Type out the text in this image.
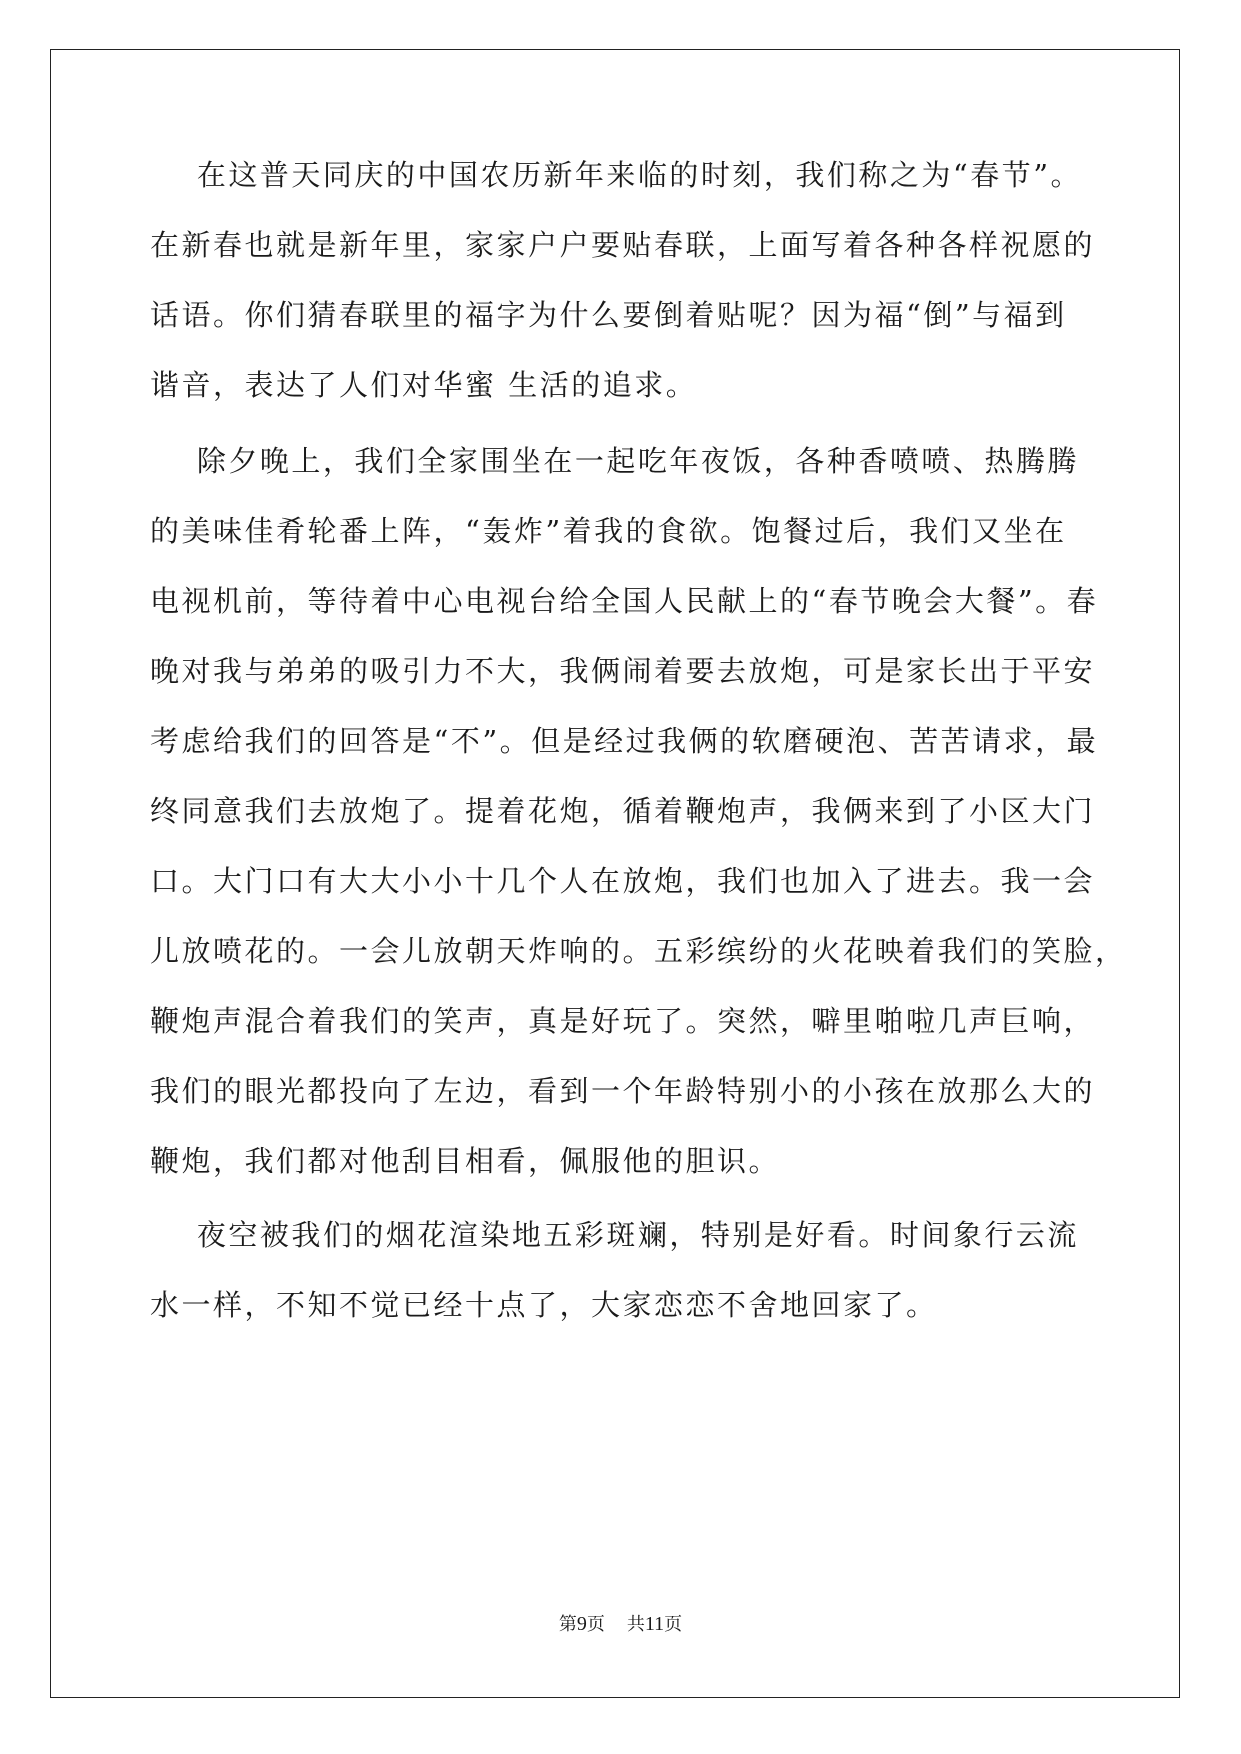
在这普天同庆的中国农历新年来临的时刻，我们称之为“春节”。
在新春也就是新年里，家家户户要贴春联，上面写着各种各样祝愿的
话语。你们猜春联里的福字为什么要倒着贴呢？因为福“倒”与福到
谐音，表达了人们对华蜜 生活的追求。
除夕晚上，我们全家围坐在一起吃年夜饭，各种香喷喷、热腾腾
的美味佳肴轮番上阵，“轰炸”着我的食欲。饱餐过后，我们又坐在
电视机前，等待着中心电视台给全国人民献上的“春节晚会大餐”。春
晚对我与弟弟的吸引力不大，我俩闹着要去放炮，可是家长出于平安
考虑给我们的回答是“不”。但是经过我俩的软磨硬泡、苦苦请求，最
终同意我们去放炮了。提着花炮，循着鞭炮声，我俩来到了小区大门
口。大门口有大大小小十几个人在放炮，我们也加入了进去。我一会
儿放喷花的。一会儿放朝天炸响的。五彩缤纷的火花映着我们的笑脸，
鞭炮声混合着我们的笑声，真是好玩了。突然，噼里啪啦几声巨响，
我们的眼光都投向了左边，看到一个年龄特别小的小孩在放那么大的
鞭炮，我们都对他刮目相看，佩服他的胆识。
夜空被我们的烟花渲染地五彩斑斓，特别是好看。时间象行云流
水一样，不知不觉已经十点了，大家恋恋不舍地回家了。
第9页 共11页
